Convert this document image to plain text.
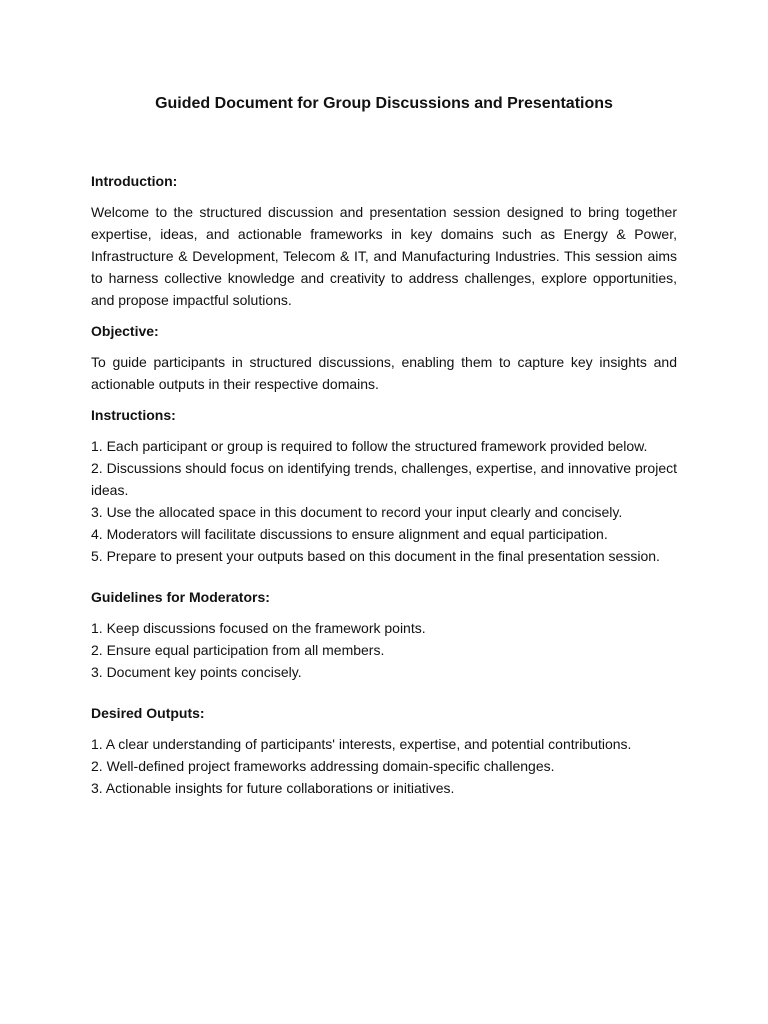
Guided Document for Group Discussions and Presentations
Introduction:

Welcome to the structured discussion and presentation session designed to bring together expertise, ideas, and actionable frameworks in key domains such as Energy & Power, Infrastructure & Development, Telecom & IT, and Manufacturing Industries. This session aims to harness collective knowledge and creativity to address challenges, explore opportunities, and propose impactful solutions.

Objective:

To guide participants in structured discussions, enabling them to capture key insights and actionable outputs in their respective domains.

Instructions:
1. Each participant or group is required to follow the structured framework provided below.
2. Discussions should focus on identifying trends, challenges, expertise, and innovative project ideas.
3. Use the allocated space in this document to record your input clearly and concisely.
4. Moderators will facilitate discussions to ensure alignment and equal participation.
5. Prepare to present your outputs based on this document in the final presentation session.
Guidelines for Moderators:
1. Keep discussions focused on the framework points.
2. Ensure equal participation from all members.
3. Document key points concisely.
Desired Outputs:
1. A clear understanding of participants' interests, expertise, and potential contributions.
2. Well-defined project frameworks addressing domain-specific challenges.
3. Actionable insights for future collaborations or initiatives.
